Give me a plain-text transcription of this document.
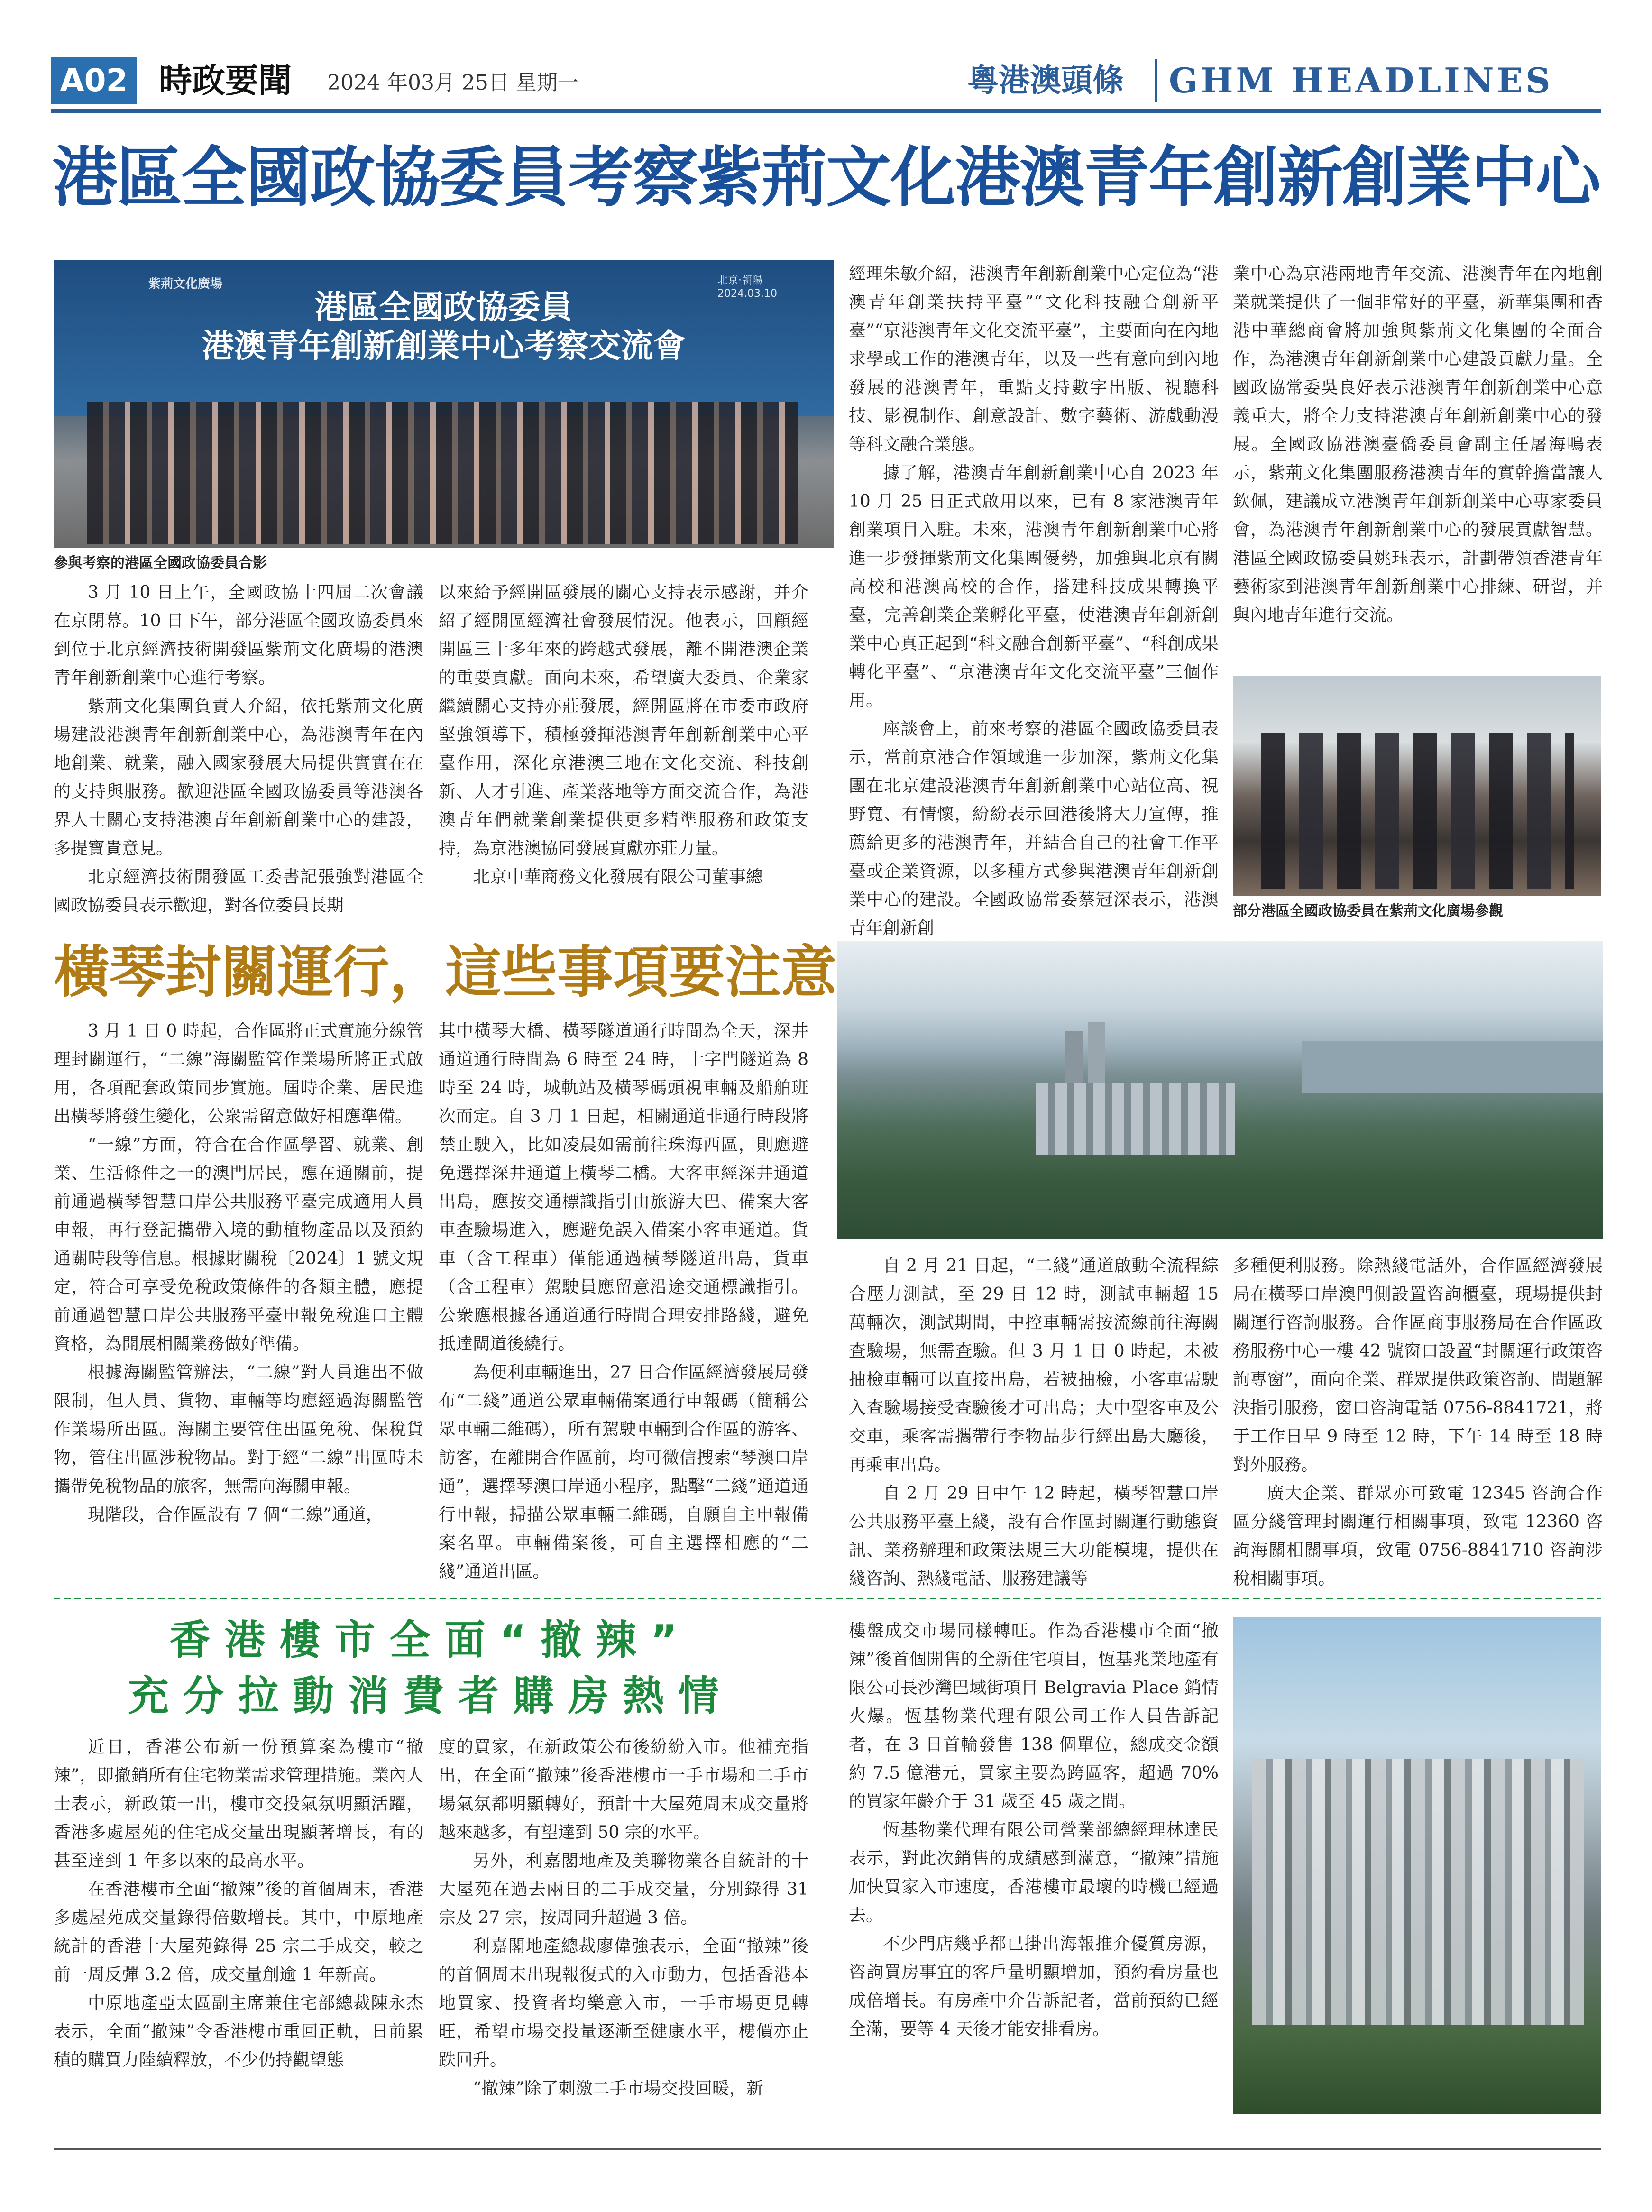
A02 時政要聞 2024 年03月 25日 星期一	粵港澳頭條 GHM HEADLINES
港區全國政協委員考察紫荊文化港澳青年創新創業中心
紫荊文化廣場	北京·朝陽
2024.03.10
港區全國政協委員
港澳青年創新創業中心考察交流會
參與考察的港區全國政協委員合影

3 月 10 日上午，全國政協十四屆二次會議在京閉幕。10 日下午，部分港區全國政協委員來到位于北京經濟技術開發區紫荊文化廣場的港澳青年創新創業中心進行考察。

紫荊文化集團負責人介紹，依托紫荊文化廣場建設港澳青年創新創業中心，為港澳青年在內地創業、就業，融入國家發展大局提供實實在在的支持與服務。歡迎港區全國政協委員等港澳各界人士關心支持港澳青年創新創業中心的建設，多提寶貴意見。

北京經濟技術開發區工委書記張強對港區全國政協委員表示歡迎，對各位委員長期

以來給予經開區發展的關心支持表示感謝，并介紹了經開區經濟社會發展情況。他表示，回顧經開區三十多年來的跨越式發展，離不開港澳企業的重要貢獻。面向未來，希望廣大委員、企業家繼續關心支持亦莊發展，經開區將在市委市政府堅強領導下，積極發揮港澳青年創新創業中心平臺作用，深化京港澳三地在文化交流、科技創新、人才引進、產業落地等方面交流合作，為港澳青年們就業創業提供更多精準服務和政策支持，為京港澳協同發展貢獻亦莊力量。

北京中華商務文化發展有限公司董事總

經理朱敏介紹，港澳青年創新創業中心定位為“港澳青年創業扶持平臺”“文化科技融合創新平臺”“京港澳青年文化交流平臺”，主要面向在內地求學或工作的港澳青年，以及一些有意向到內地發展的港澳青年，重點支持數字出版、視聽科技、影視制作、創意設計、數字藝術、游戲動漫等科文融合業態。

據了解，港澳青年創新創業中心自 2023 年 10 月 25 日正式啟用以來，已有 8 家港澳青年創業項目入駐。未來，港澳青年創新創業中心將進一步發揮紫荊文化集團優勢，加強與北京有關高校和港澳高校的合作，搭建科技成果轉換平臺，完善創業企業孵化平臺，使港澳青年創新創業中心真正起到“科文融合創新平臺”、“科創成果轉化平臺”、“京港澳青年文化交流平臺”三個作用。

座談會上，前來考察的港區全國政協委員表示，當前京港合作領域進一步加深，紫荊文化集團在北京建設港澳青年創新創業中心站位高、視野寬、有情懷，紛紛表示回港後將大力宣傳，推薦給更多的港澳青年，并結合自己的社會工作平臺或企業資源，以多種方式參與港澳青年創新創業中心的建設。全國政協常委蔡冠深表示，港澳青年創新創

業中心為京港兩地青年交流、港澳青年在內地創業就業提供了一個非常好的平臺，新華集團和香港中華總商會將加強與紫荊文化集團的全面合作，為港澳青年創新創業中心建設貢獻力量。全國政協常委吳良好表示港澳青年創新創業中心意義重大，將全力支持港澳青年創新創業中心的發展。全國政協港澳臺僑委員會副主任屠海鳴表示，紫荊文化集團服務港澳青年的實幹擔當讓人欽佩，建議成立港澳青年創新創業中心專家委員會，為港澳青年創新創業中心的發展貢獻智慧。港區全國政協委員姚珏表示，計劃帶領香港青年藝術家到港澳青年創新創業中心排練、研習，并與內地青年進行交流。

部分港區全國政協委員在紫荊文化廣場參觀
橫琴封關運行，這些事項要注意

3 月 1 日 0 時起，合作區將正式實施分線管理封關運行，“二線”海關監管作業場所將正式啟用，各項配套政策同步實施。屆時企業、居民進出橫琴將發生變化，公衆需留意做好相應準備。

“一線”方面，符合在合作區學習、就業、創業、生活條件之一的澳門居民，應在通關前，提前通過橫琴智慧口岸公共服務平臺完成適用人員申報，再行登記攜帶入境的動植物產品以及預約通關時段等信息。根據財關稅〔2024〕1 號文規定，符合可享受免稅政策條件的各類主體，應提前通過智慧口岸公共服務平臺申報免稅進口主體資格，為開展相關業務做好準備。

根據海關監管辦法，“二線”對人員進出不做限制，但人員、貨物、車輛等均應經過海關監管作業場所出區。海關主要管住出區免稅、保稅貨物，管住出區涉稅物品。對于經“二線”出區時未攜帶免稅物品的旅客，無需向海關申報。

現階段，合作區設有 7 個“二線”通道，

其中橫琴大橋、橫琴隧道通行時間為全天，深井通道通行時間為 6 時至 24 時，十字門隧道為 8 時至 24 時，城軌站及橫琴碼頭視車輛及船舶班次而定。自 3 月 1 日起，相關通道非通行時段將禁止駛入，比如凌晨如需前往珠海西區，則應避免選擇深井通道上橫琴二橋。大客車經深井通道出島，應按交通標識指引由旅游大巴、備案大客車查驗場進入，應避免誤入備案小客車通道。貨車（含工程車）僅能通過橫琴隧道出島，貨車（含工程車）駕駛員應留意沿途交通標識指引。公衆應根據各通道通行時間合理安排路綫，避免抵達閘道後繞行。

為便利車輛進出，27 日合作區經濟發展局發布“二綫”通道公眾車輛備案通行申報碼（簡稱公眾車輛二維碼），所有駕駛車輛到合作區的游客、訪客，在離開合作區前，均可微信搜索“琴澳口岸通”，選擇琴澳口岸通小程序，點擊“二綫”通道通行申報，掃描公眾車輛二維碼，自願自主申報備案名單。車輛備案後，可自主選擇相應的“二綫”通道出區。

自 2 月 21 日起，“二綫”通道啟動全流程綜合壓力測試，至 29 日 12 時，測試車輛超 15 萬輛次，測試期間，中控車輛需按流線前往海關查驗場，無需查驗。但 3 月 1 日 0 時起，未被抽檢車輛可以直接出島，若被抽檢，小客車需駛入查驗場接受查驗後才可出島；大中型客車及公交車，乘客需攜帶行李物品步行經出島大廳後，再乘車出島。

自 2 月 29 日中午 12 時起，橫琴智慧口岸公共服務平臺上綫，設有合作區封關運行動態資訊、業務辦理和政策法規三大功能模塊，提供在綫咨詢、熱綫電話、服務建議等

多種便利服務。除熱綫電話外，合作區經濟發展局在橫琴口岸澳門側設置咨詢櫃臺，現場提供封關運行咨詢服務。合作區商事服務局在合作區政務服務中心一樓 42 號窗口設置“封關運行政策咨詢專窗”，面向企業、群眾提供政策咨詢、問題解決指引服務，窗口咨詢電話 0756-8841721，將于工作日早 9 時至 12 時，下午 14 時至 18 時對外服務。

廣大企業、群眾亦可致電 12345 咨詢合作區分綫管理封關運行相關事項，致電 12360 咨詢海關相關事項，致電 0756-8841710 咨詢涉稅相關事項。

香港樓市全面“撤辣”
充分拉動消費者購房熱情

近日，香港公布新一份預算案為樓市“撤辣”，即撤銷所有住宅物業需求管理措施。業內人士表示，新政策一出，樓市交投氣氛明顯活躍，香港多處屋苑的住宅成交量出現顯著增長，有的甚至達到 1 年多以來的最高水平。

在香港樓市全面“撤辣”後的首個周末，香港多處屋苑成交量錄得倍數增長。其中，中原地產統計的香港十大屋苑錄得 25 宗二手成交，較之前一周反彈 3.2 倍，成交量創逾 1 年新高。

中原地產亞太區副主席兼住宅部總裁陳永杰表示，全面“撤辣”令香港樓市重回正軌，日前累積的購買力陸續釋放，不少仍持觀望態

度的買家，在新政策公布後紛紛入市。他補充指出，在全面“撤辣”後香港樓市一手市場和二手市場氣氛都明顯轉好，預計十大屋苑周末成交量將越來越多，有望達到 50 宗的水平。

另外，利嘉閣地產及美聯物業各自統計的十大屋苑在過去兩日的二手成交量，分別錄得 31 宗及 27 宗，按周同升超過 3 倍。

利嘉閣地產總裁廖偉強表示，全面“撤辣”後的首個周末出現報復式的入市動力，包括香港本地買家、投資者均樂意入市，一手市場更見轉旺，希望市場交投量逐漸至健康水平，樓價亦止跌回升。

“撤辣”除了刺激二手市場交投回暖，新

樓盤成交市場同樣轉旺。作為香港樓市全面“撤辣”後首個開售的全新住宅項目，恆基兆業地產有限公司長沙灣巴域街項目 Belgravia Place 銷情火爆。恆基物業代理有限公司工作人員告訴記者，在 3 日首輪發售 138 個單位，總成交金額約 7.5 億港元，買家主要為跨區客，超過 70% 的買家年齡介于 31 歲至 45 歲之間。

恆基物業代理有限公司營業部總經理林達民表示，對此次銷售的成績感到滿意，“撤辣”措施加快買家入市速度，香港樓市最壞的時機已經過去。

不少門店幾乎都已掛出海報推介優質房源，咨詢買房事宜的客戶量明顯增加，預約看房量也成倍增長。有房產中介告訴記者，當前預約已經全滿，要等 4 天後才能安排看房。
